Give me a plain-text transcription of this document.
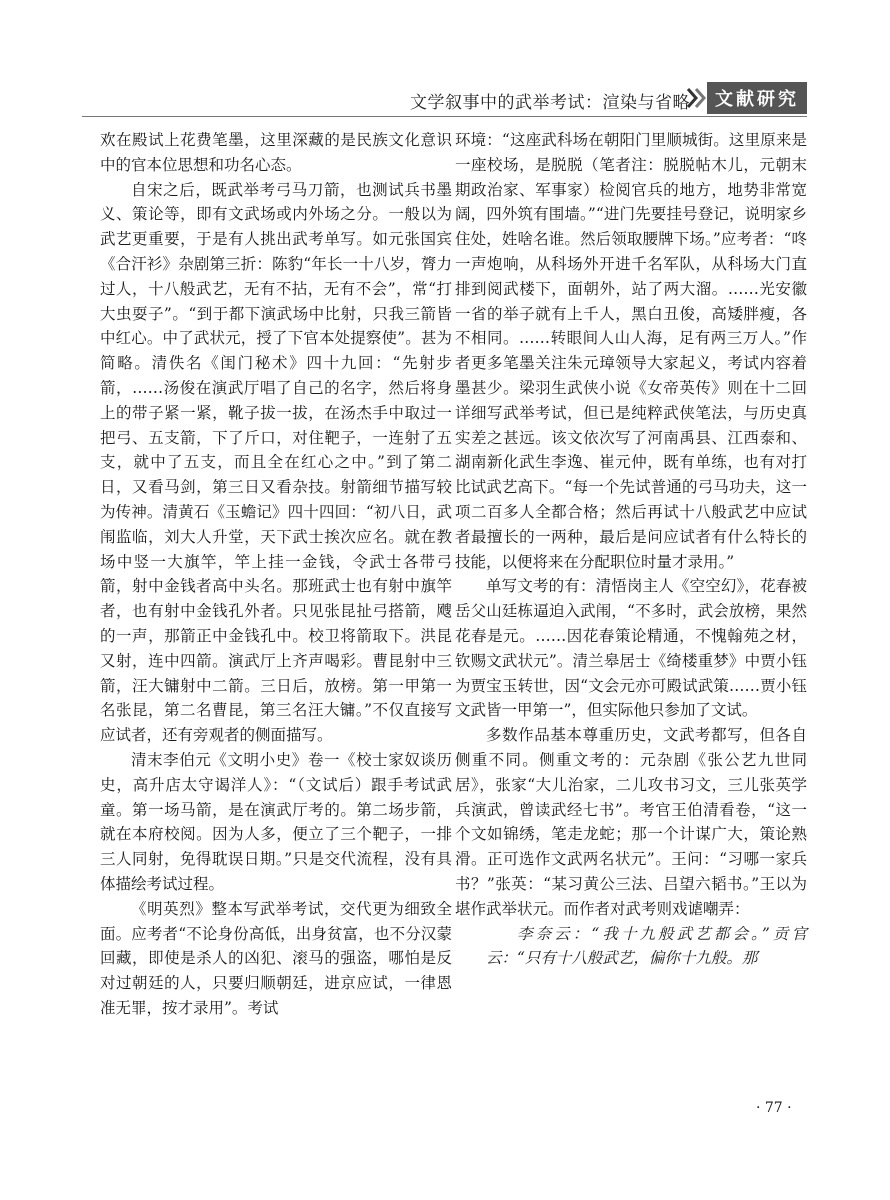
文学叙事中的武举考试：渲染与省略	文献研究

欢在殿试上花费笔墨，这里深藏的是民族文化意识中的官本位思想和功名心态。

自宋之后，既武举考弓马刀箭，也测试兵书墨义、策论等，即有文武场或内外场之分。一般以为武艺更重要，于是有人挑出武考单写。如元张国宾《合汗衫》杂剧第三折：陈豹“年长一十八岁，膂力过人，十八般武艺，无有不拈，无有不会”，常“打大虫耍子”。“到于都下演武场中比射，只我三箭皆中红心。中了武状元，授了下官本处提察使”。甚为简略。清佚名《闺门秘术》四十九回：“先射步箭，……汤俊在演武厅唱了自己的名字，然后将身上的带子紧一紧，靴子拔一拔，在汤杰手中取过一把弓、五支箭，下了斤口，对住靶子，一连射了五支，就中了五支，而且全在红心之中。”到了第二日，又看马剑，第三日又看杂技。射箭细节描写较为传神。清黄石《玉蟾记》四十四回：“初八日，武闱监临，刘大人升堂，天下武士挨次应名。就在教场中竖一大旗竿，竿上挂一金钱，令武士各带弓箭，射中金钱者高中头名。那班武士也有射中旗竿者，也有射中金钱孔外者。只见张昆扯弓搭箭，飕的一声，那箭正中金钱孔中。校卫将箭取下。洪昆又射，连中四箭。演武厅上齐声喝彩。曹昆射中三箭，汪大镛射中二箭。三日后，放榜。第一甲第一名张昆，第二名曹昆，第三名汪大镛。”不仅直接写应试者，还有旁观者的侧面描写。

清末李伯元《文明小史》卷一《校士家奴谈历史，高升店太守谒洋人》：“（文试后）跟手考试武童。第一场马箭，是在演武厅考的。第二场步箭，就在本府校阅。因为人多，便立了三个靶子，一排三人同射，免得耽误日期。”只是交代流程，没有具体描绘考试过程。

《明英烈》整本写武举考试，交代更为细致全面。应考者“不论身份高低，出身贫富，也不分汉蒙回藏，即使是杀人的凶犯、滚马的强盗，哪怕是反对过朝廷的人，只要归顺朝廷，进京应试，一律恩准无罪，按才录用”。考试

环境：“这座武科场在朝阳门里顺城街。这里原来是一座校场，是脱脱（笔者注：脱脱帖木儿，元朝末期政治家、军事家）检阅官兵的地方，地势非常宽阔，四外筑有围墙。”“进门先要挂号登记，说明家乡住处，姓啥名谁。然后领取腰牌下场。”应考者：“咚一声炮响，从科场外开进千名军队，从科场大门直排到阅武楼下，面朝外，站了两大溜。……光安徽一省的举子就有上千人，黑白丑俊，高矮胖瘦，各不相同。……转眼间人山人海，足有两三万人。”作者更多笔墨关注朱元璋领导大家起义，考试内容着墨甚少。梁羽生武侠小说《女帝英传》则在十二回详细写武举考试，但已是纯粹武侠笔法，与历史真实差之甚远。该文依次写了河南禹县、江西泰和、湖南新化武生李逸、崔元仲，既有单练，也有对打比试武艺高下。“每一个先试普通的弓马功夫，这一项二百多人全都合格；然后再试十八般武艺中应试者最擅长的一两种，最后是问应试者有什么特长的技能，以便将来在分配职位时量才录用。”

单写文考的有：清悟岗主人《空空幻》，花春被岳父山廷栋逼迫入武闱，“不多时，武会放榜，果然花春是元。……因花春策论精通，不愧翰苑之材，钦赐文武状元”。清兰皋居士《绮楼重梦》中贾小钰为贾宝玉转世，因“文会元亦可殿试武策……贾小钰文武皆一甲第一”，但实际他只参加了文试。

多数作品基本尊重历史，文武考都写，但各自侧重不同。侧重文考的：元杂剧《张公艺九世同居》，张家“大儿治家，二儿攻书习文，三儿张英学兵演武，曾读武经七书”。考官王伯清看卷，“这一个文如锦绣，笔走龙蛇；那一个计谋广大，策论熟滑。正可选作文武两名状元”。王问：“习哪一家兵书？”张英：“某习黄公三法、吕望六韬书。”王以为堪作武举状元。而作者对武考则戏谑嘲弄：

李奈云：“我十九般武艺都会。”贡官云：“只有十八般武艺，偏你十九般。那

· 77 ·
